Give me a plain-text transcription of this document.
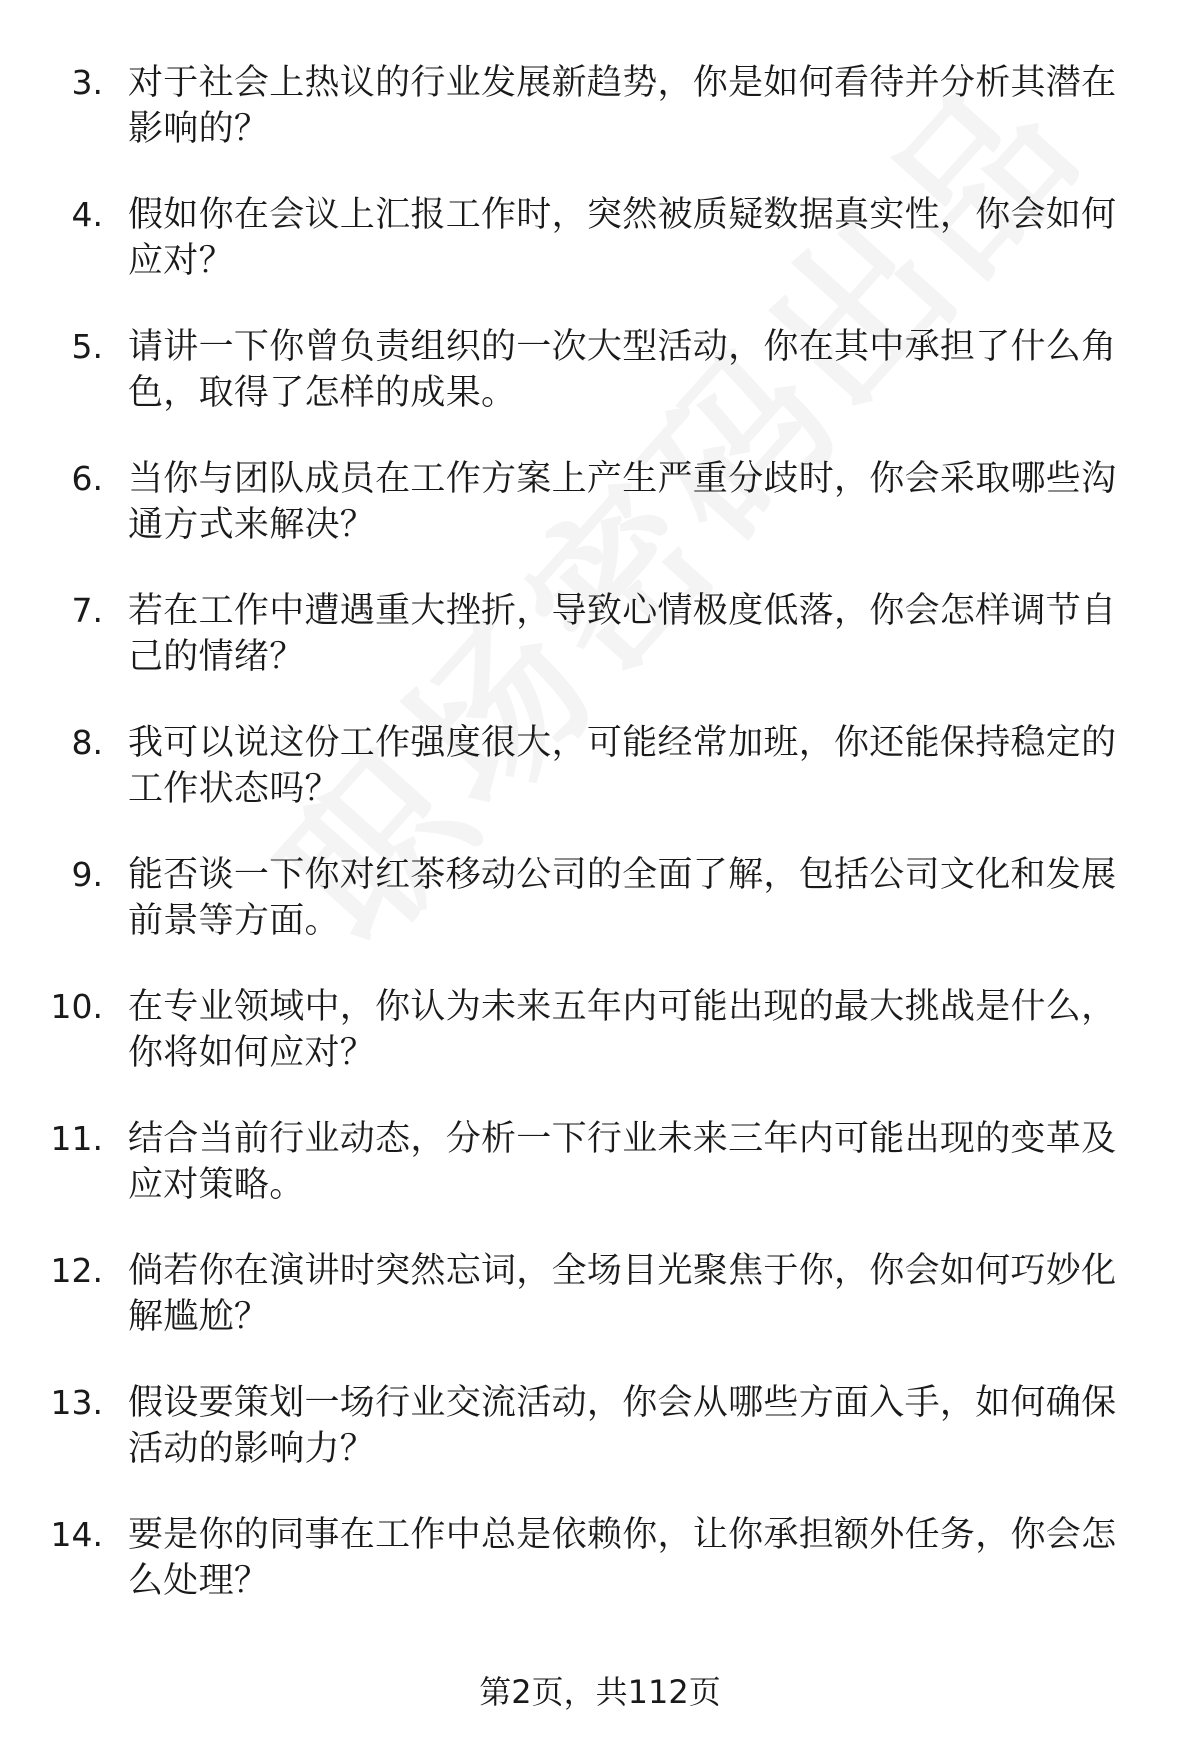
3. 对于社会上热议的行业发展新趋势，你是如何看待并分析其潜在影响的？
4. 假如你在会议上汇报工作时，突然被质疑数据真实性，你会如何应对？
5. 请讲一下你曾负责组织的一次大型活动，你在其中承担了什么角色，取得了怎样的成果。
6. 当你与团队成员在工作方案上产生严重分歧时，你会采取哪些沟通方式来解决？
7. 若在工作中遭遇重大挫折，导致心情极度低落，你会怎样调节自己的情绪？
8. 我可以说这份工作强度很大，可能经常加班，你还能保持稳定的工作状态吗？
9. 能否谈一下你对红茶移动公司的全面了解，包括公司文化和发展前景等方面。
10. 在专业领域中，你认为未来五年内可能出现的最大挑战是什么，你将如何应对？
11. 结合当前行业动态，分析一下行业未来三年内可能出现的变革及应对策略。
12. 倘若你在演讲时突然忘词，全场目光聚焦于你，你会如何巧妙化解尴尬？
13. 假设要策划一场行业交流活动，你会从哪些方面入手，如何确保活动的影响力？
14. 要是你的同事在工作中总是依赖你，让你承担额外任务，你会怎么处理？
第2页，共112页
